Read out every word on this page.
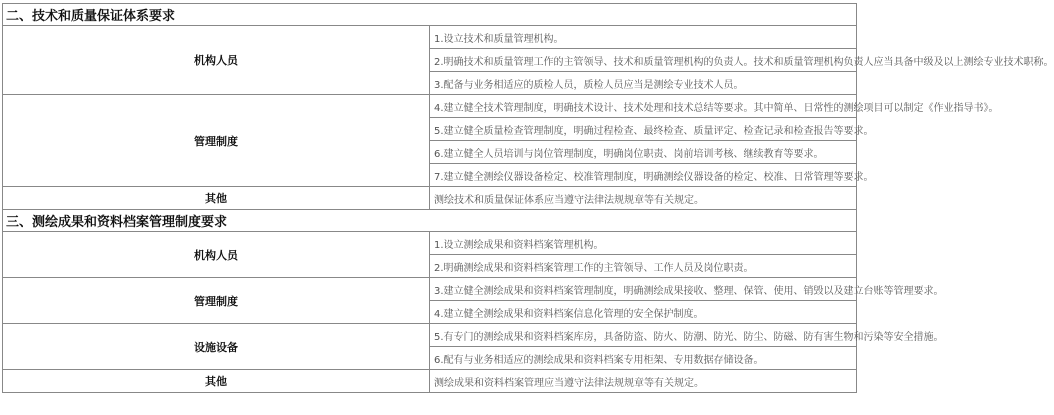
二、技术和质量保证体系要求	
机构人员	1.设立技术和质量管理机构。
	2.明确技术和质量管理工作的主管领导、技术和质量管理机构的负责人。技术和质量管理机构负责人应当具备中级及以上测绘专业技术职称。
	3.配备与业务相适应的质检人员，质检人员应当是测绘专业技术人员。
管理制度	4.建立健全技术管理制度，明确技术设计、技术处理和技术总结等要求。其中简单、日常性的测绘项目可以制定《作业指导书》。
	5.建立健全质量检查管理制度，明确过程检查、最终检查、质量评定、检查记录和检查报告等要求。
	6.建立健全人员培训与岗位管理制度，明确岗位职责、岗前培训考核、继续教育等要求。
	7.建立健全测绘仪器设备检定、校准管理制度，明确测绘仪器设备的检定、校准、日常管理等要求。
其他	测绘技术和质量保证体系应当遵守法律法规规章等有关规定。
三、测绘成果和资料档案管理制度要求	
机构人员	1.设立测绘成果和资料档案管理机构。
	2.明确测绘成果和资料档案管理工作的主管领导、工作人员及岗位职责。
管理制度	3.建立健全测绘成果和资料档案管理制度，明确测绘成果接收、整理、保管、使用、销毁以及建立台账等管理要求。
	4.建立健全测绘成果和资料档案信息化管理的安全保护制度。
设施设备	5.有专门的测绘成果和资料档案库房，具备防盗、防火、防潮、防光、防尘、防磁、防有害生物和污染等安全措施。
	6.配有与业务相适应的测绘成果和资料档案专用柜架、专用数据存储设备。
其他	测绘成果和资料档案管理应当遵守法律法规规章等有关规定。
